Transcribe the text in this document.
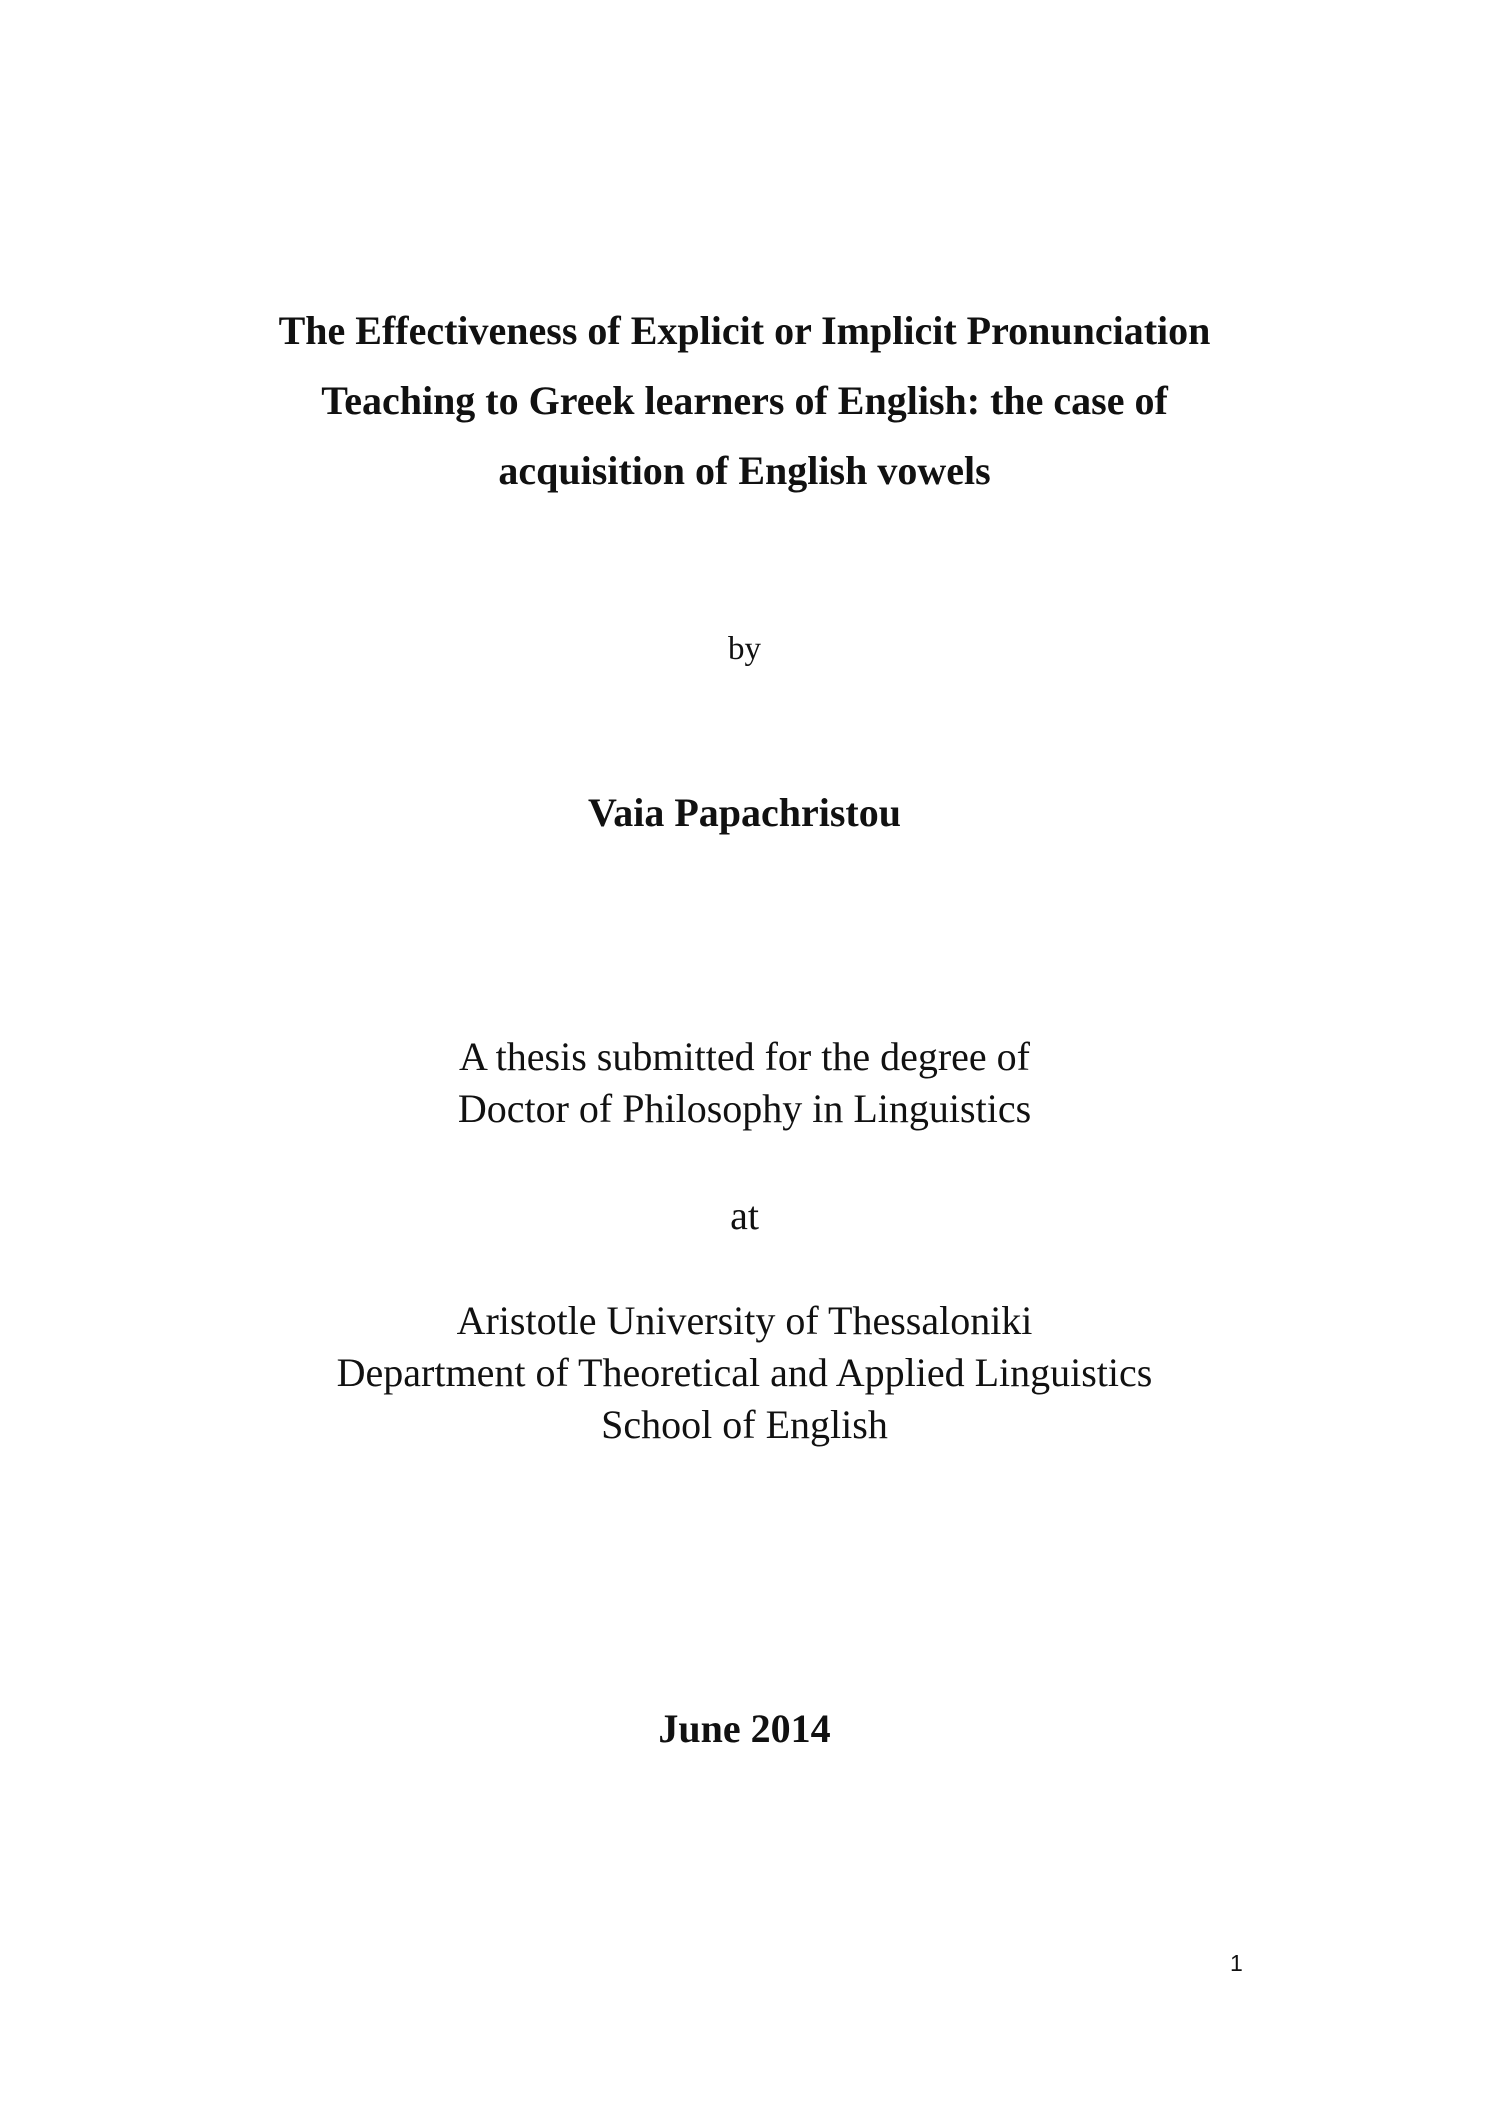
The Effectiveness of Explicit or Implicit Pronunciation

Teaching to Greek learners of English: the case of

acquisition of English vowels

by

Vaia Papachristou

A thesis submitted for the degree of

Doctor of Philosophy in Linguistics

at

Aristotle University of Thessaloniki

Department of Theoretical and Applied Linguistics

School of English

June 2014

1
